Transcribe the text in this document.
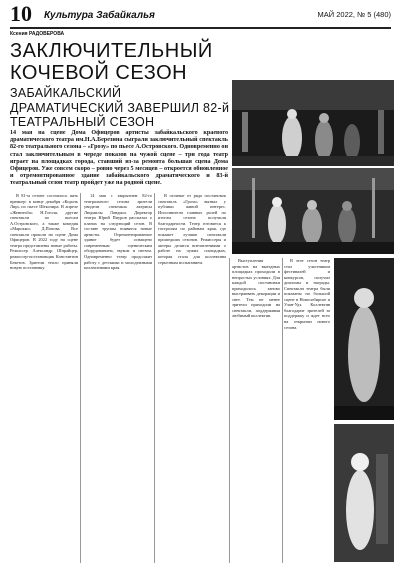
10 Культура Забайкалья	МАЙ 2022, № 5 (480)
Ксения РАДОВЕРОВА
ЗАКЛЮЧИТЕЛЬНЫЙ
КОЧЕВОЙ СЕЗОН
ЗАБАЙКАЛЬСКИЙ ДРАМАТИЧЕСКИЙ ЗАВЕРШИЛ 82-й ТЕАТРАЛЬНЫЙ СЕЗОН
14 мая на сцене Дома Офицеров артисты забайкальского краевого драматического театра им.Н.А.Березина сыграли заключительный спектакль 82-го театрального сезона – «Грозу» по пьесе А.Островского. Одновременно он стал заключительным в череде показов на чужой сцене – три года театр играет на площадках города, ставший из-за ремонта большая сцена Дома Офицеров. Уже совсем скоро – ровно через 5 месяцев – откроется обновленное и отремонтированное здание забайкальского драматического и 83-й театральный сезон театр пройдет уже на родной сцене.

В 81-м сезоне состоялось пять премьер: в конце декабря «Король Лир» по пьесе Шекспира. В апреле «Женитьба» Н.Гоголя, другие спектакли по пьесам А.Островского, а также комедия «Марокко» Д.Попова. Все спектакли прошли на сцене Дома Офицеров. В 2022 году на сцене театра представлены новые работы. Режиссер Александр Шпрайцер, режиссер-постановщик Константин Бекетов. Зрители тепло приняли новую постановку.

14 мая с закрытием 82-го театрального сезона зрители увидели спектакль актрисы Людмилы Ландыш. Директор театра Юрий Пиуров рассказал о планах на следующий сезон. В составе труппы появятся новые артисты. Отремонтированное здание будет оснащено современным сценическим оборудованием, звуком и светом. Одновременно театр продолжит работу с детскими и молодежными коллективами края.

В отличие от ряда постановок спектакль «Гроза» вызвал у публики живой интерес. Исполнители главных ролей по итогам сезона получили благодарности. Театр готовится к гастролям по районам края, где покажет лучшие спектакли прошедших сезонов. Режиссеры и актеры делятся впечатлениями о работе на чужих площадках, которая стала для коллектива серьезным испытанием.	Выступления артистов на выездных площадках проходили в непростых условиях. Для каждой постановки приходилось заново выстраивать декорации и свет. Тем не менее зрители приходили на спектакли, поддерживая любимый коллектив.

В этот сезон театр стал участником фестивалей и конкурсов, получил дипломы и награды. Спектакли театра были показаны на большой сцене в Новосибирске и Улан-Удэ. Коллектив благодарит зрителей за поддержку и ждет всех на открытии нового сезона.
